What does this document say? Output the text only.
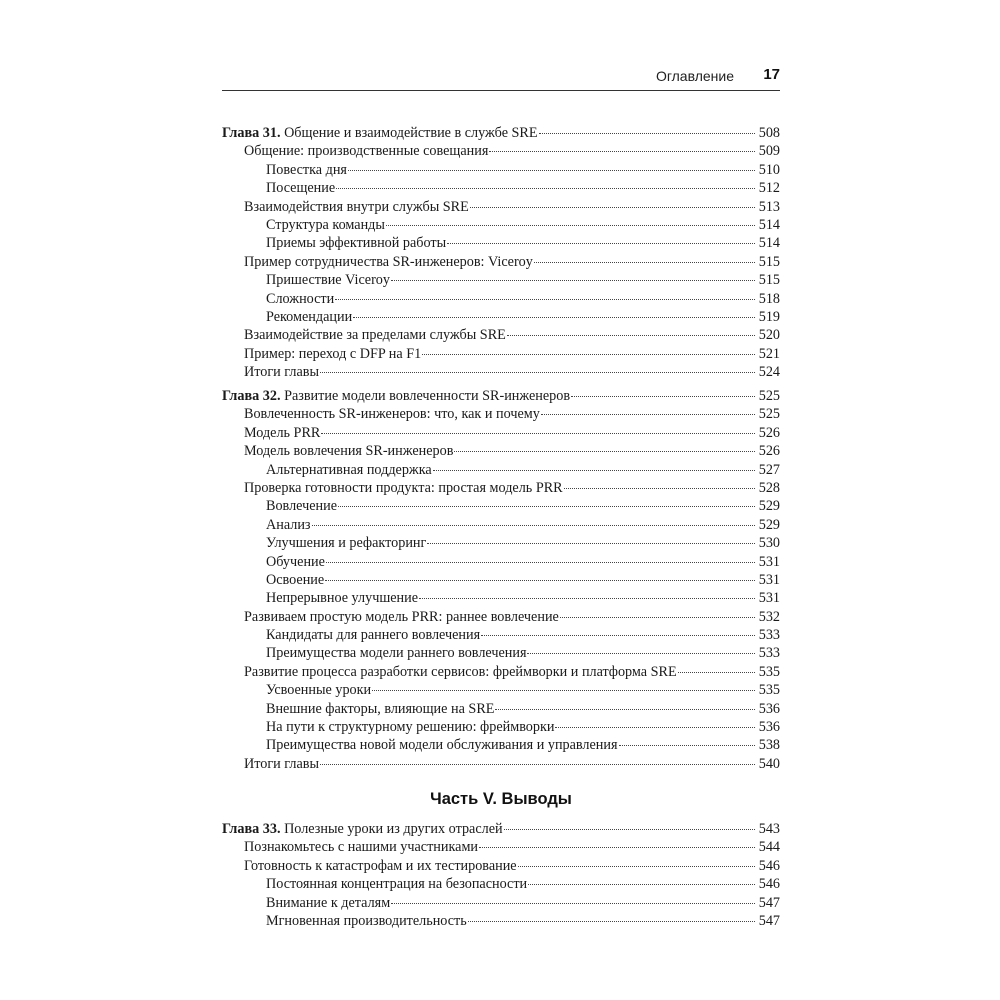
Оглавление 17
Глава 31. Общение и взаимодействие в службе SRE	508
Общение: производственные совещания	509
Повестка дня	510
Посещение	512
Взаимодействия внутри службы SRE	513
Структура команды	514
Приемы эффективной работы	514
Пример сотрудничества SR-инженеров: Viceroy	515
Пришествие Viceroy	515
Сложности	518
Рекомендации	519
Взаимодействие за пределами службы SRE	520
Пример: переход с DFP на F1	521
Итоги главы	524
Глава 32. Развитие модели вовлеченности SR-инженеров	525
Вовлеченность SR-инженеров: что, как и почему	525
Модель PRR	526
Модель вовлечения SR-инженеров	526
Альтернативная поддержка	527
Проверка готовности продукта: простая модель PRR	528
Вовлечение	529
Анализ	529
Улучшения и рефакторинг	530
Обучение	531
Освоение	531
Непрерывное улучшение	531
Развиваем простую модель PRR: раннее вовлечение	532
Кандидаты для раннего вовлечения	533
Преимущества модели раннего вовлечения	533
Развитие процесса разработки сервисов: фреймворки и платформа SRE	535
Усвоенные уроки	535
Внешние факторы, влияющие на SRE	536
На пути к структурному решению: фреймворки	536
Преимущества новой модели обслуживания и управления	538
Итоги главы	540
Часть V. Выводы
Глава 33. Полезные уроки из других отраслей	543
Познакомьтесь с нашими участниками	544
Готовность к катастрофам и их тестирование	546
Постоянная концентрация на безопасности	546
Внимание к деталям	547
Мгновенная производительность	547
